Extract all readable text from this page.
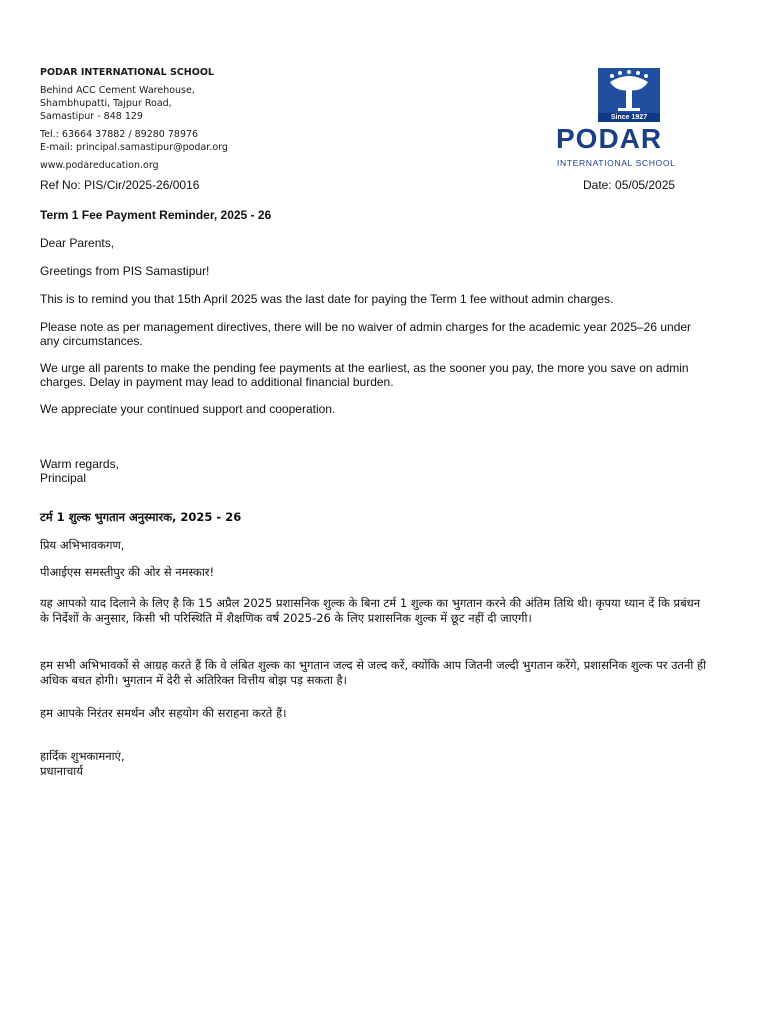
PODAR INTERNATIONAL SCHOOL
Behind ACC Cement Warehouse,
Shambhupatti, Tajpur Road,
Samastipur - 848 129
Tel.: 63664 37882 / 89280 78976
E-mail: principal.samastipur@podar.org
www.podareducation.org
Since 1927
PODAR
INTERNATIONAL SCHOOL
Ref No: PIS/Cir/2025-26/0016	Date: 05/05/2025
Term 1 Fee Payment Reminder, 2025 - 26
Dear Parents,
Greetings from PIS Samastipur!
This is to remind you that 15th April 2025 was the last date for paying the Term 1 fee without admin charges.
Please note as per management directives, there will be no waiver of admin charges for the academic year 2025–26 under any circumstances.
We urge all parents to make the pending fee payments at the earliest, as the sooner you pay, the more you save on admin charges. Delay in payment may lead to additional financial burden.
We appreciate your continued support and cooperation.
Warm regards,
Principal
टर्म 1 शुल्क भुगतान अनुस्मारक, 2025 - 26
प्रिय अभिभावकगण,
पीआईएस समस्तीपुर की ओर से नमस्कार!
यह आपको याद दिलाने के लिए है कि 15 अप्रैल 2025 प्रशासनिक शुल्क के बिना टर्म 1 शुल्क का भुगतान करने की अंतिम तिथि थी। कृपया ध्यान दें कि प्रबंधन के निर्देशों के अनुसार, किसी भी परिस्थिति में शैक्षणिक वर्ष 2025-26 के लिए प्रशासनिक शुल्क में छूट नहीं दी जाएगी।
हम सभी अभिभावकों से आग्रह करते हैं कि वे लंबित शुल्क का भुगतान जल्द से जल्द करें, क्योंकि आप जितनी जल्दी भुगतान करेंगे, प्रशासनिक शुल्क पर उतनी ही अधिक बचत होगी। भुगतान में देरी से अतिरिक्त वित्तीय बोझ पड़ सकता है।
हम आपके निरंतर समर्थन और सहयोग की सराहना करते हैं।
हार्दिक शुभकामनाएं,
प्रधानाचार्य
